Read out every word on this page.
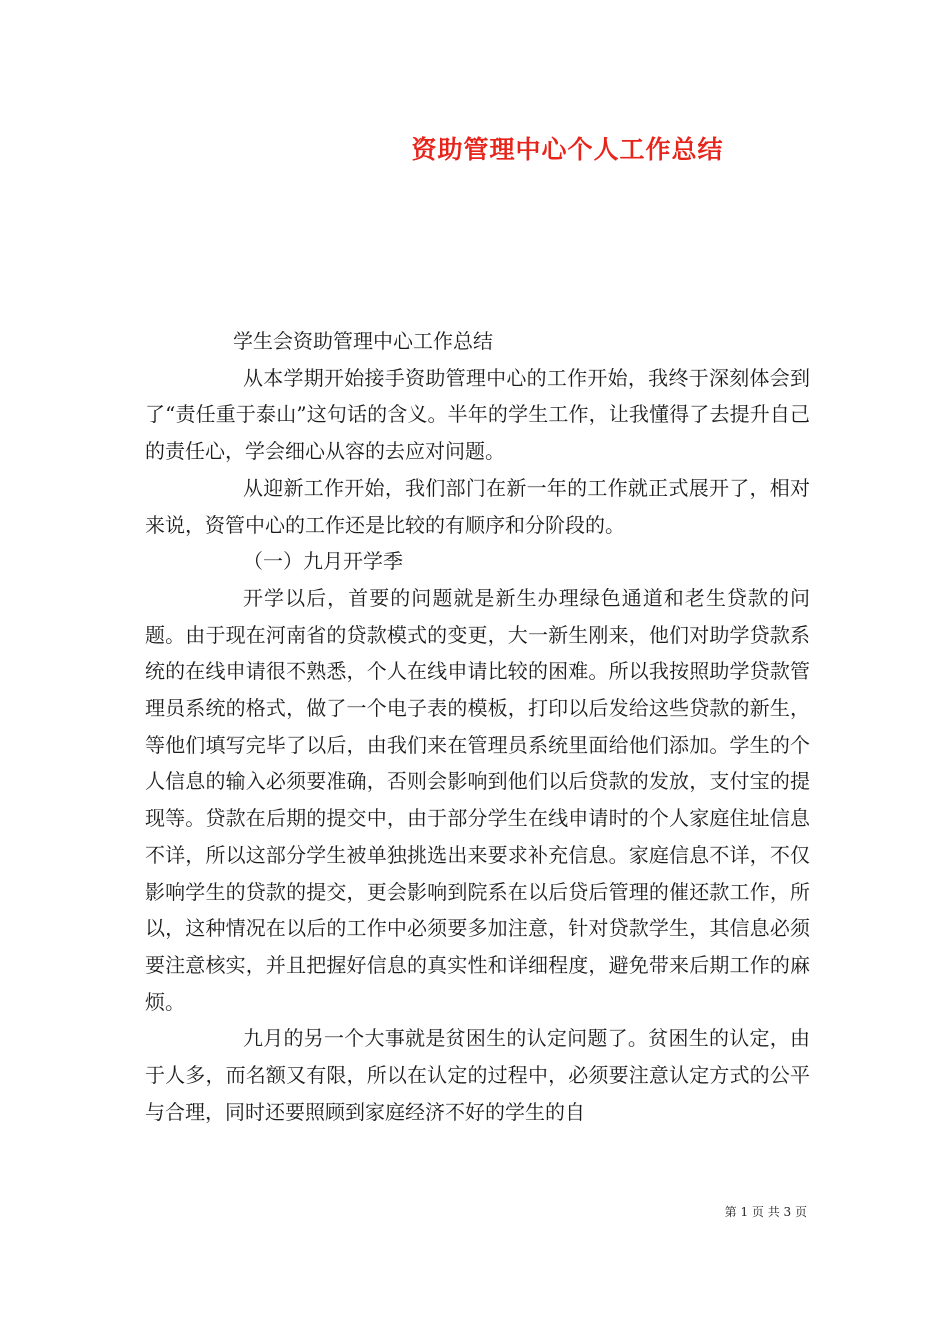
资助管理中心个人工作总结

学生会资助管理中心工作总结

从本学期开始接手资助管理中心的工作开始，我终于深刻体会到了“责任重于泰山”这句话的含义。半年的学生工作，让我懂得了去提升自己的责任心，学会细心从容的去应对问题。

从迎新工作开始，我们部门在新一年的工作就正式展开了，相对来说，资管中心的工作还是比较的有顺序和分阶段的。

（一）九月开学季

开学以后，首要的问题就是新生办理绿色通道和老生贷款的问题。由于现在河南省的贷款模式的变更，大一新生刚来，他们对助学贷款系统的在线申请很不熟悉，个人在线申请比较的困难。所以我按照助学贷款管理员系统的格式，做了一个电子表的模板，打印以后发给这些贷款的新生，等他们填写完毕了以后，由我们来在管理员系统里面给他们添加。学生的个人信息的输入必须要准确，否则会影响到他们以后贷款的发放，支付宝的提现等。贷款在后期的提交中，由于部分学生在线申请时的个人家庭住址信息不详，所以这部分学生被单独挑选出来要求补充信息。家庭信息不详，不仅影响学生的贷款的提交，更会影响到院系在以后贷后管理的催还款工作，所以，这种情况在以后的工作中必须要多加注意，针对贷款学生，其信息必须要注意核实，并且把握好信息的真实性和详细程度，避免带来后期工作的麻烦。

九月的另一个大事就是贫困生的认定问题了。贫困生的认定，由于人多，而名额又有限，所以在认定的过程中，必须要注意认定方式的公平与合理，同时还要照顾到家庭经济不好的学生的自

第 1 页 共 3 页
